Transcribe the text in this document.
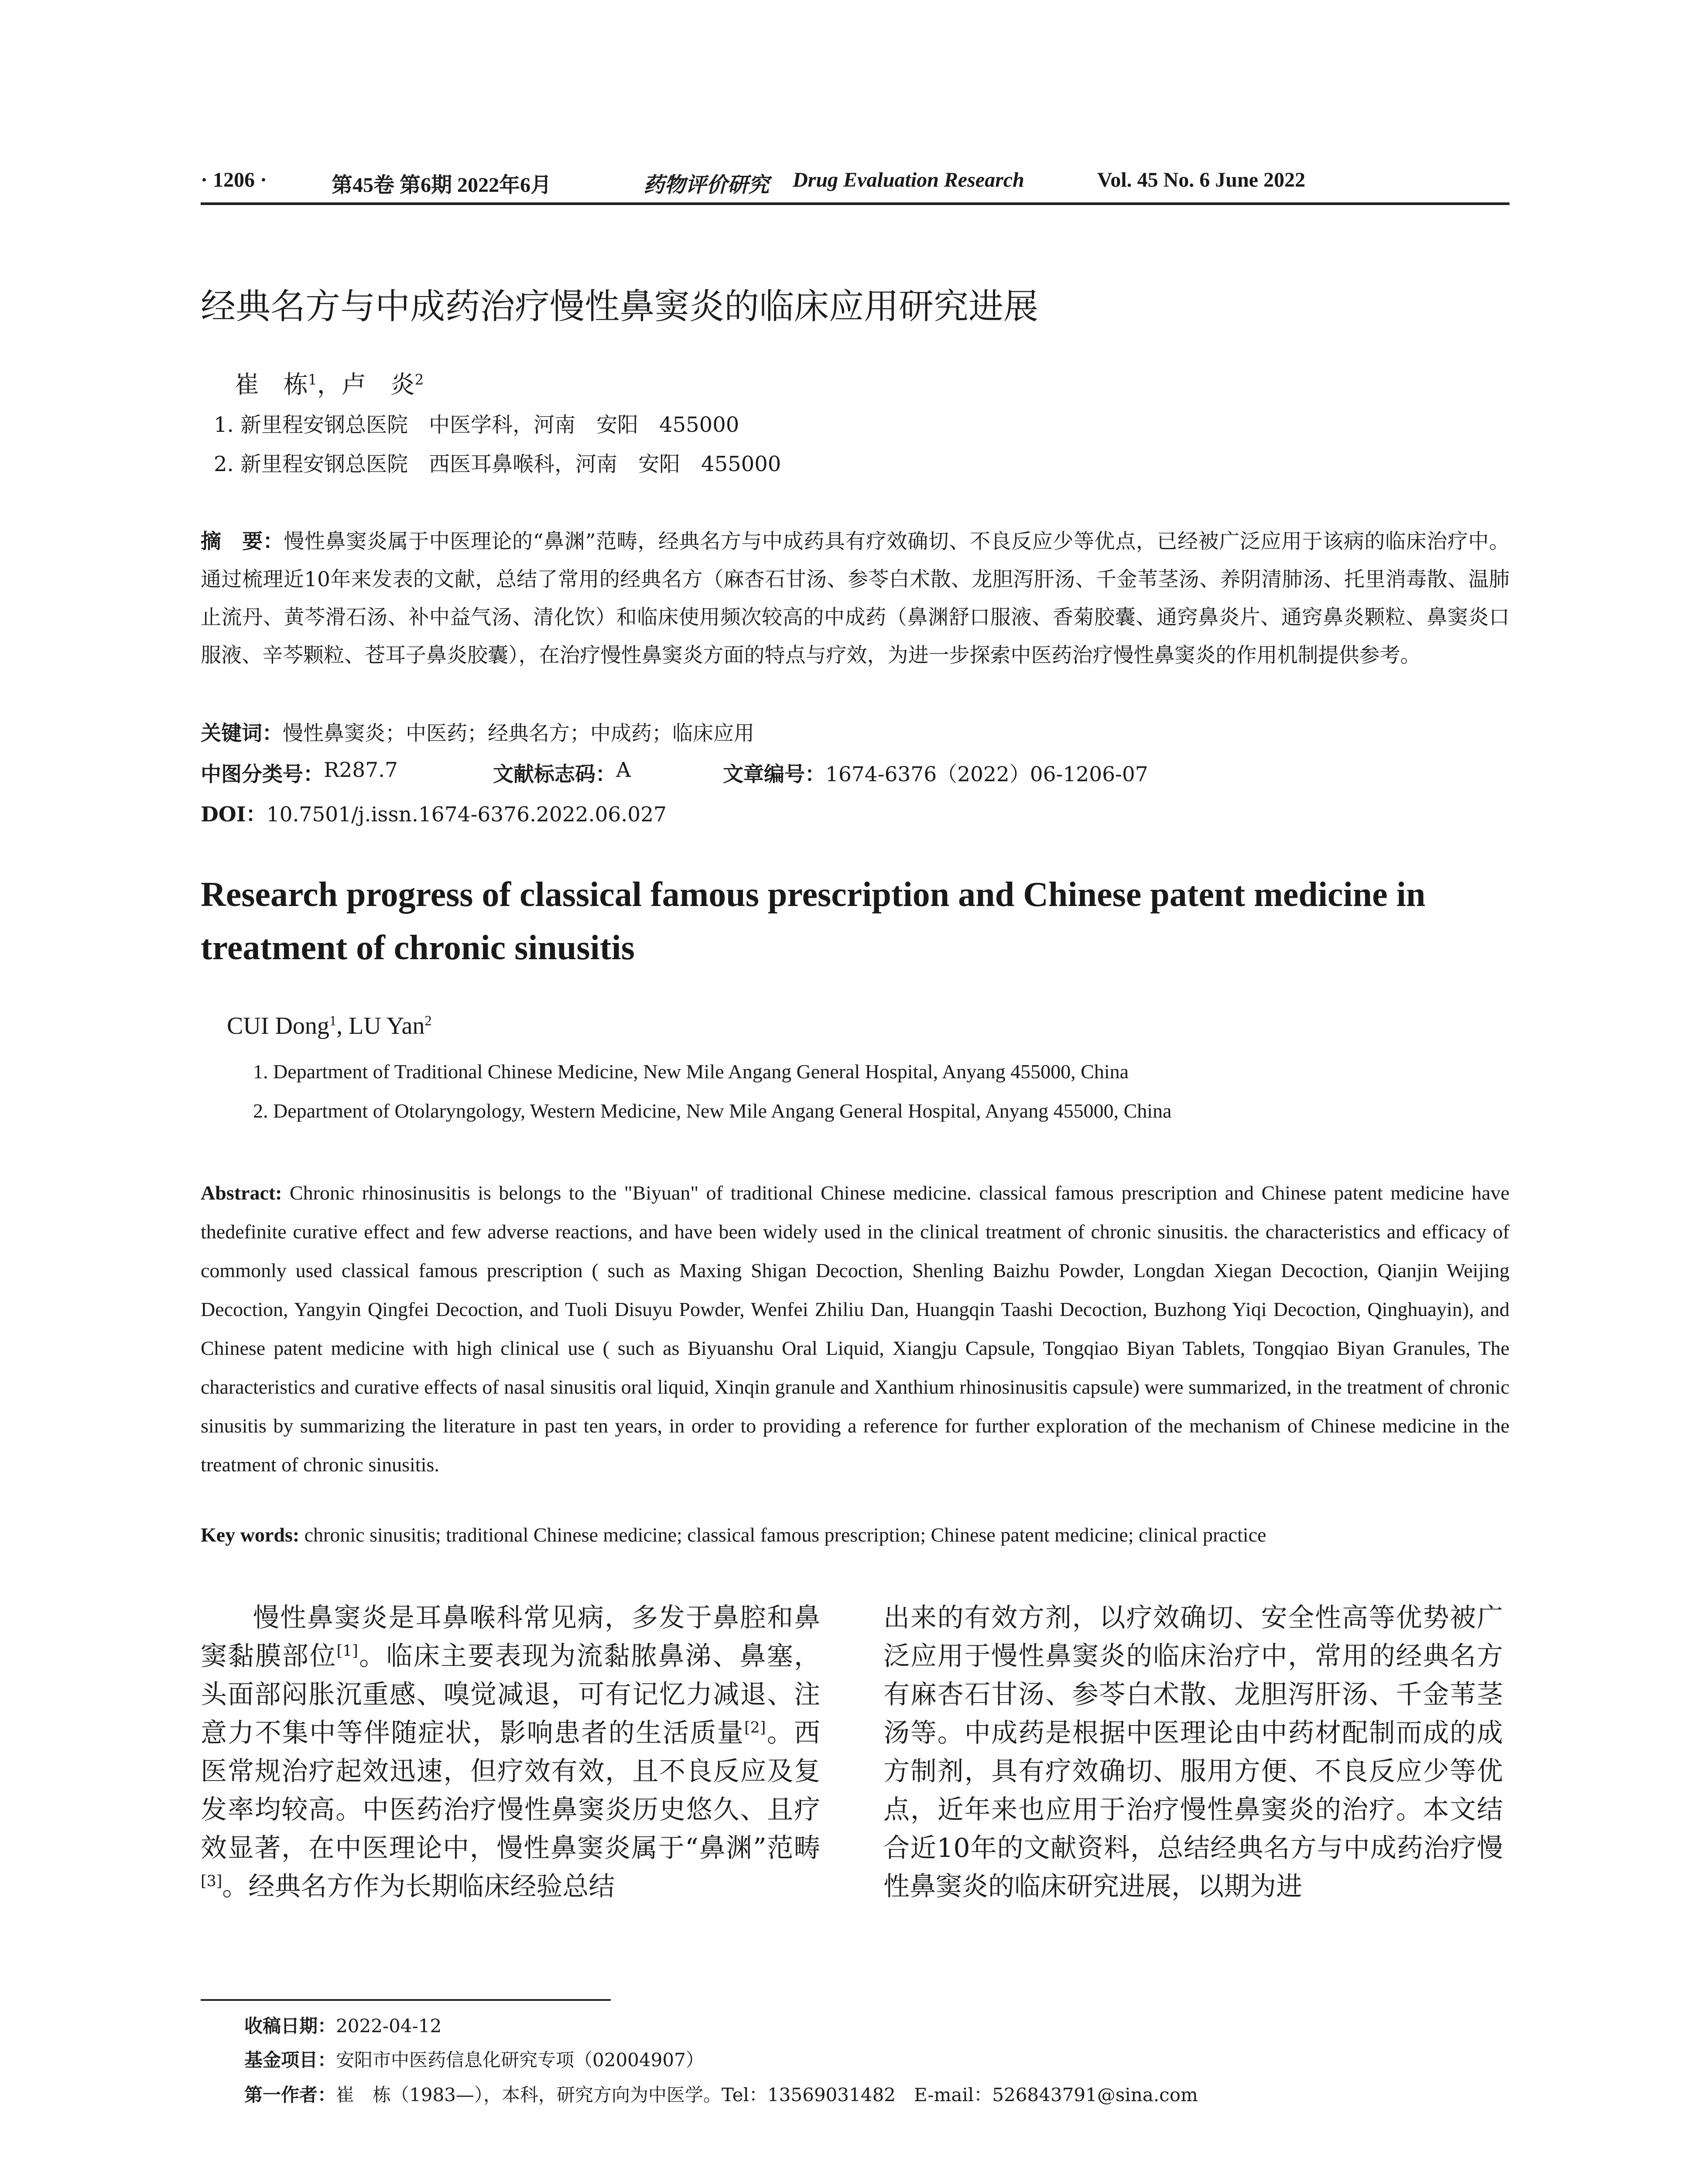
· 1206 ·	第45卷 第6期 2022年6月	药物评价研究 Drug Evaluation Research	Vol. 45 No. 6 June 2022
经典名方与中成药治疗慢性鼻窦炎的临床应用研究进展
崔　栋$^1$，卢　炎$^2$
1. 新里程安钢总医院　中医学科，河南　安阳　455000
2. 新里程安钢总医院　西医耳鼻喉科，河南　安阳　455000
摘　要：慢性鼻窦炎属于中医理论的“鼻渊”范畴，经典名方与中成药具有疗效确切、不良反应少等优点，已经被广泛应用于该病的临床治疗中。通过梳理近10年来发表的文献，总结了常用的经典名方（麻杏石甘汤、参苓白术散、龙胆泻肝汤、千金苇茎汤、养阴清肺汤、托里消毒散、温肺止流丹、黄芩滑石汤、补中益气汤、清化饮）和临床使用频次较高的中成药（鼻渊舒口服液、香菊胶囊、通窍鼻炎片、通窍鼻炎颗粒、鼻窦炎口服液、辛芩颗粒、苍耳子鼻炎胶囊），在治疗慢性鼻窦炎方面的特点与疗效，为进一步探索中医药治疗慢性鼻窦炎的作用机制提供参考。
关键词：慢性鼻窦炎；中医药；经典名方；中成药；临床应用
中图分类号： R287.7	文献标志码： A	文章编号： 1674-6376（2022）06-1206-07
DOI：10.7501/j.issn.1674-6376.2022.06.027
Research progress of classical famous prescription and Chinese patent medicine in treatment of chronic sinusitis
CUI Dong$^1$, LU Yan$^2$
1. Department of Traditional Chinese Medicine, New Mile Angang General Hospital, Anyang 455000, China
2. Department of Otolaryngology, Western Medicine, New Mile Angang General Hospital, Anyang 455000, China
Abstract: Chronic rhinosinusitis is belongs to the "Biyuan" of traditional Chinese medicine. classical famous prescription and Chinese patent medicine have thedefinite curative effect and few adverse reactions, and have been widely used in the clinical treatment of chronic sinusitis. the characteristics and efficacy of commonly used classical famous prescription ( such as Maxing Shigan Decoction, Shenling Baizhu Powder, Longdan Xiegan Decoction, Qianjin Weijing Decoction, Yangyin Qingfei Decoction, and Tuoli Disuyu Powder, Wenfei Zhiliu Dan, Huangqin Taashi Decoction, Buzhong Yiqi Decoction, Qinghuayin), and Chinese patent medicine with high clinical use ( such as Biyuanshu Oral Liquid, Xiangju Capsule, Tongqiao Biyan Tablets, Tongqiao Biyan Granules, The characteristics and curative effects of nasal sinusitis oral liquid, Xinqin granule and Xanthium rhinosinusitis capsule) were summarized, in the treatment of chronic sinusitis by summarizing the literature in past ten years, in order to providing a reference for further exploration of the mechanism of Chinese medicine in the treatment of chronic sinusitis.
Key words: chronic sinusitis; traditional Chinese medicine; classical famous prescription; Chinese patent medicine; clinical practice
慢性鼻窦炎是耳鼻喉科常见病，多发于鼻腔和鼻窦黏膜部位[1]。临床主要表现为流黏脓鼻涕、鼻塞，头面部闷胀沉重感、嗅觉减退，可有记忆力减退、注意力不集中等伴随症状，影响患者的生活质量[2]。西医常规治疗起效迅速，但疗效有效，且不良反应及复发率均较高。中医药治疗慢性鼻窦炎历史悠久、且疗效显著，在中医理论中，慢性鼻窦炎属于“鼻渊”范畴[3]。经典名方作为长期临床经验总结
出来的有效方剂，以疗效确切、安全性高等优势被广泛应用于慢性鼻窦炎的临床治疗中，常用的经典名方有麻杏石甘汤、参苓白术散、龙胆泻肝汤、千金苇茎汤等。中成药是根据中医理论由中药材配制而成的成方制剂，具有疗效确切、服用方便、不良反应少等优点，近年来也应用于治疗慢性鼻窦炎的治疗。本文结合近10年的文献资料，总结经典名方与中成药治疗慢性鼻窦炎的临床研究进展，以期为进
收稿日期：2022-04-12
基金项目：安阳市中医药信息化研究专项（02004907）
第一作者：崔　栋（1983—），本科，研究方向为中医学。Tel：13569031482　E-mail：526843791@sina.com
